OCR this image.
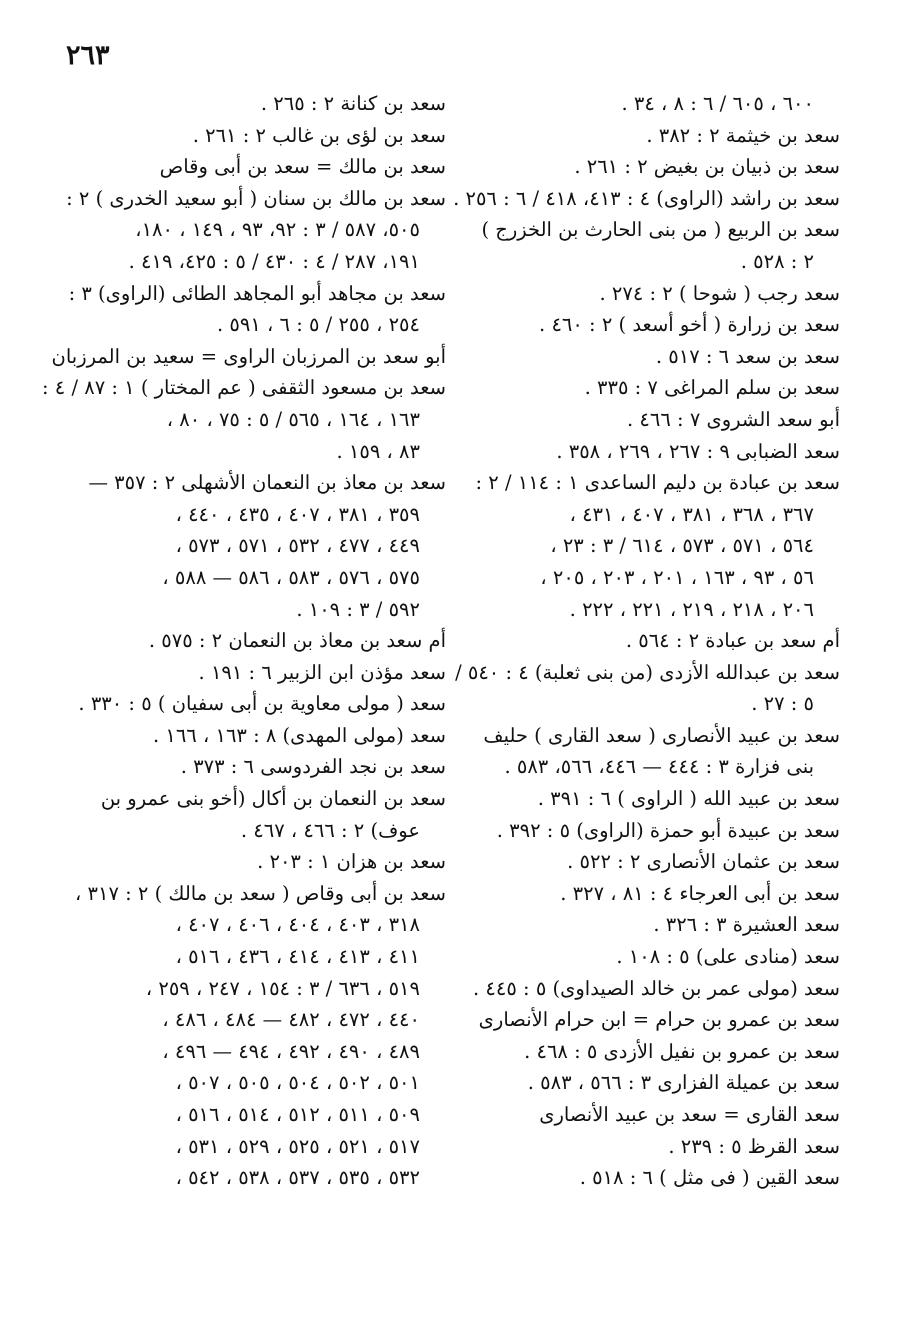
٢٦٣
٦٠٠ ، ٦٠٥ / ٦ : ٨ ، ٣٤ .
سعد بن خيثمة ٢ : ٣٨٢ .
سعد بن ذبيان بن بغيض ٢ : ٢٦١ .
سعد بن راشد (الراوى) ٤ : ٤١٣، ٤١٨ / ٦ : ٢٥٦ .
سعد بن الربيع ( من بنى الحارث بن الخزرج )
٢ : ٥٢٨ .
سعد رجب ( شوحا ) ٢ : ٢٧٤ .
سعد بن زرارة ( أخو أسعد ) ٢ : ٤٦٠ .
سعد بن سعد ٦ : ٥١٧ .
سعد بن سلم المراغى ٧ : ٣٣٥ .
أبو سعد الشروى ٧ : ٤٦٦ .
سعد الضبابى ٩ : ٢٦٧ ، ٢٦٩ ، ٣٥٨ .
سعد بن عبادة بن دليم الساعدى ١ : ١١٤ / ٢ :
٣٦٧ ، ٣٦٨ ، ٣٨١ ، ٤٠٧ ، ٤٣١ ،
٥٦٤ ، ٥٧١ ، ٥٧٣ ، ٦١٤ / ٣ : ٢٣ ،
٥٦ ، ٩٣ ، ١٦٣ ، ٢٠١ ، ٢٠٣ ، ٢٠٥ ،
٢٠٦ ، ٢١٨ ، ٢١٩ ، ٢٢١ ، ٢٢٢ .
أم سعد بن عبادة ٢ : ٥٦٤ .
سعد بن عبدالله الأزدى (من بنى ثعلبة) ٤ : ٥٤٠ /
٥ : ٢٧ .
سعد بن عبيد الأنصارى ( سعد القارى ) حليف
بنى فزارة ٣ : ٤٤٤ — ٤٤٦، ٥٦٦، ٥٨٣ .
سعد بن عبيد الله ( الراوى ) ٦ : ٣٩١ .
سعد بن عبيدة أبو حمزة (الراوى) ٥ : ٣٩٢ .
سعد بن عثمان الأنصارى ٢ : ٥٢٢ .
سعد بن أبى العرجاء ٤ : ٨١ ، ٣٢٧ .
سعد العشيرة ٣ : ٣٢٦ .
سعد (منادى على) ٥ : ١٠٨ .
سعد (مولى عمر بن خالد الصيداوى) ٥ : ٤٤٥ .
سعد بن عمرو بن حرام = ابن حرام الأنصارى
سعد بن عمرو بن نفيل الأزدى ٥ : ٤٦٨ .
سعد بن عميلة الفزارى ٣ : ٥٦٦ ، ٥٨٣ .
سعد القارى = سعد بن عبيد الأنصارى
سعد القرظ ٥ : ٢٣٩ .
سعد القين ( فى مثل ) ٦ : ٥١٨ .
سعد بن كنانة ٢ : ٢٦٥ .
سعد بن لؤى بن غالب ٢ : ٢٦١ .
سعد بن مالك = سعد بن أبى وقاص
سعد بن مالك بن سنان ( أبو سعيد الخدرى ) ٢ :
٥٠٥، ٥٨٧ / ٣ : ٩٢، ٩٣ ، ١٤٩ ، ١٨٠،
١٩١، ٢٨٧ / ٤ : ٤٣٠ / ٥ : ٤٢٥، ٤١٩ .
سعد بن مجاهد أبو المجاهد الطائى (الراوى) ٣ :
٢٥٤ ، ٢٥٥ / ٥ : ٦ ، ٥٩١ .
أبو سعد بن المرزبان الراوى = سعيد بن المرزبان
سعد بن مسعود الثقفى ( عم المختار ) ١ : ٨٧ / ٤ :
١٦٣ ، ١٦٤ ، ٥٦٥ / ٥ : ٧٥ ، ٨٠ ،
٨٣ ، ١٥٩ .
سعد بن معاذ بن النعمان الأشهلى ٢ : ٣٥٧ —
٣٥٩ ، ٣٨١ ، ٤٠٧ ، ٤٣٥ ، ٤٤٠ ،
٤٤٩ ، ٤٧٧ ، ٥٣٢ ، ٥٧١ ، ٥٧٣ ،
٥٧٥ ، ٥٧٦ ، ٥٨٣ ، ٥٨٦ — ٥٨٨ ،
٥٩٢ / ٣ : ١٠٩ .
أم سعد بن معاذ بن النعمان ٢ : ٥٧٥ .
سعد مؤذن ابن الزبير ٦ : ١٩١ .
سعد ( مولى معاوية بن أبى سفيان ) ٥ : ٣٣٠ .
سعد (مولى المهدى) ٨ : ١٦٣ ، ١٦٦ .
سعد بن نجد الفردوسى ٦ : ٣٧٣ .
سعد بن النعمان بن أكال (أخو بنى عمرو بن
عوف) ٢ : ٤٦٦ ، ٤٦٧ .
سعد بن هزان ١ : ٢٠٣ .
سعد بن أبى وقاص ( سعد بن مالك ) ٢ : ٣١٧ ،
٣١٨ ، ٤٠٣ ، ٤٠٤ ، ٤٠٦ ، ٤٠٧ ،
٤١١ ، ٤١٣ ، ٤١٤ ، ٤٣٦ ، ٥١٦ ،
٥١٩ ، ٦٣٦ / ٣ : ١٥٤ ، ٢٤٧ ، ٢٥٩ ،
٤٤٠ ، ٤٧٢ ، ٤٨٢ — ٤٨٤ ، ٤٨٦ ،
٤٨٩ ، ٤٩٠ ، ٤٩٢ ، ٤٩٤ — ٤٩٦ ،
٥٠١ ، ٥٠٢ ، ٥٠٤ ، ٥٠٥ ، ٥٠٧ ،
٥٠٩ ، ٥١١ ، ٥١٢ ، ٥١٤ ، ٥١٦ ،
٥١٧ ، ٥٢١ ، ٥٢٥ ، ٥٢٩ ، ٥٣١ ،
٥٣٢ ، ٥٣٥ ، ٥٣٧ ، ٥٣٨ ، ٥٤٢ ،
